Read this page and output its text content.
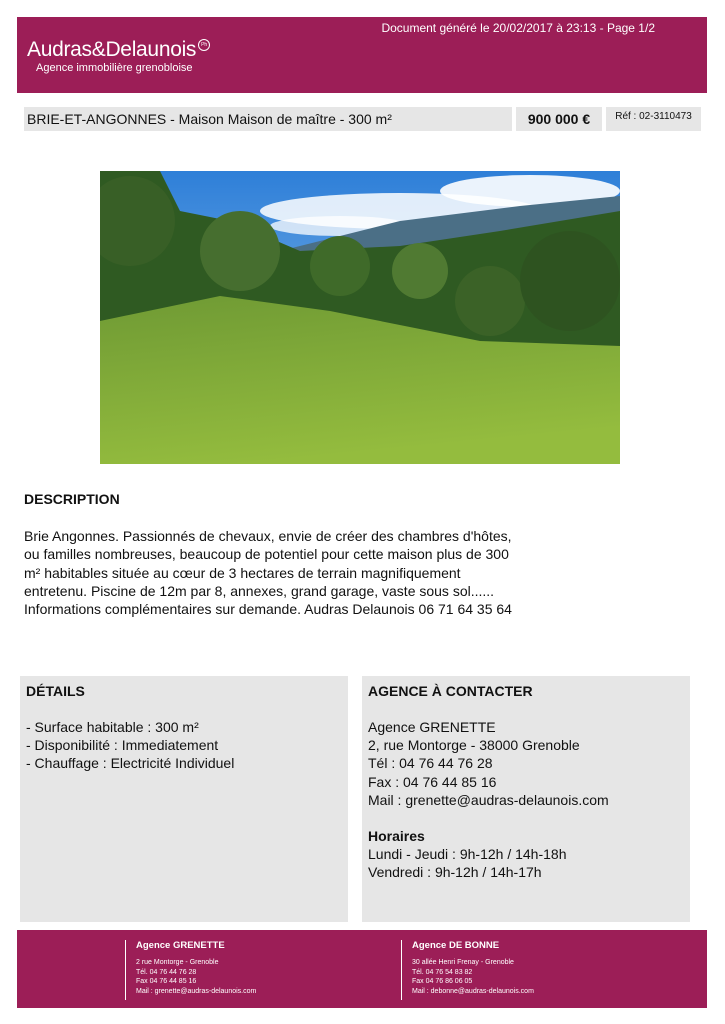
Document généré le 20/02/2017 à 23:13 - Page 1/2
Audras&Delaunois Ph
Agence immobilière grenobloise
BRIE-ET-ANGONNES - Maison Maison de maître - 300 m²	900 000 €	Réf : 02-3110473
DESCRIPTION
Brie Angonnes. Passionnés de chevaux, envie de créer des chambres d'hôtes, ou familles nombreuses, beaucoup de potentiel pour cette maison plus de 300 m² habitables située au cœur de 3 hectares de terrain magnifiquement entretenu. Piscine de 12m par 8, annexes, grand garage, vaste sous sol...... Informations complémentaires sur demande. Audras Delaunois 06 71 64 35 64
DÉTAILS
- Surface habitable : 300 m²
- Disponibilité : Immediatement
- Chauffage : Electricité Individuel
AGENCE À CONTACTER
Agence GRENETTE
2, rue Montorge - 38000 Grenoble
Tél : 04 76 44 76 28
Fax : 04 76 44 85 16
Mail : grenette@audras-delaunois.com
Horaires
Lundi - Jeudi : 9h-12h / 14h-18h
Vendredi : 9h-12h / 14h-17h
Agence GRENETTE
2 rue Montorge - Grenoble
Tél. 04 76 44 76 28
Fax 04 76 44 85 16
Mail : grenette@audras-delaunois.com
Agence DE BONNE
30 allée Henri Frenay - Grenoble
Tél. 04 76 54 83 82
Fax 04 76 86 06 05
Mail : debonne@audras-delaunois.com
